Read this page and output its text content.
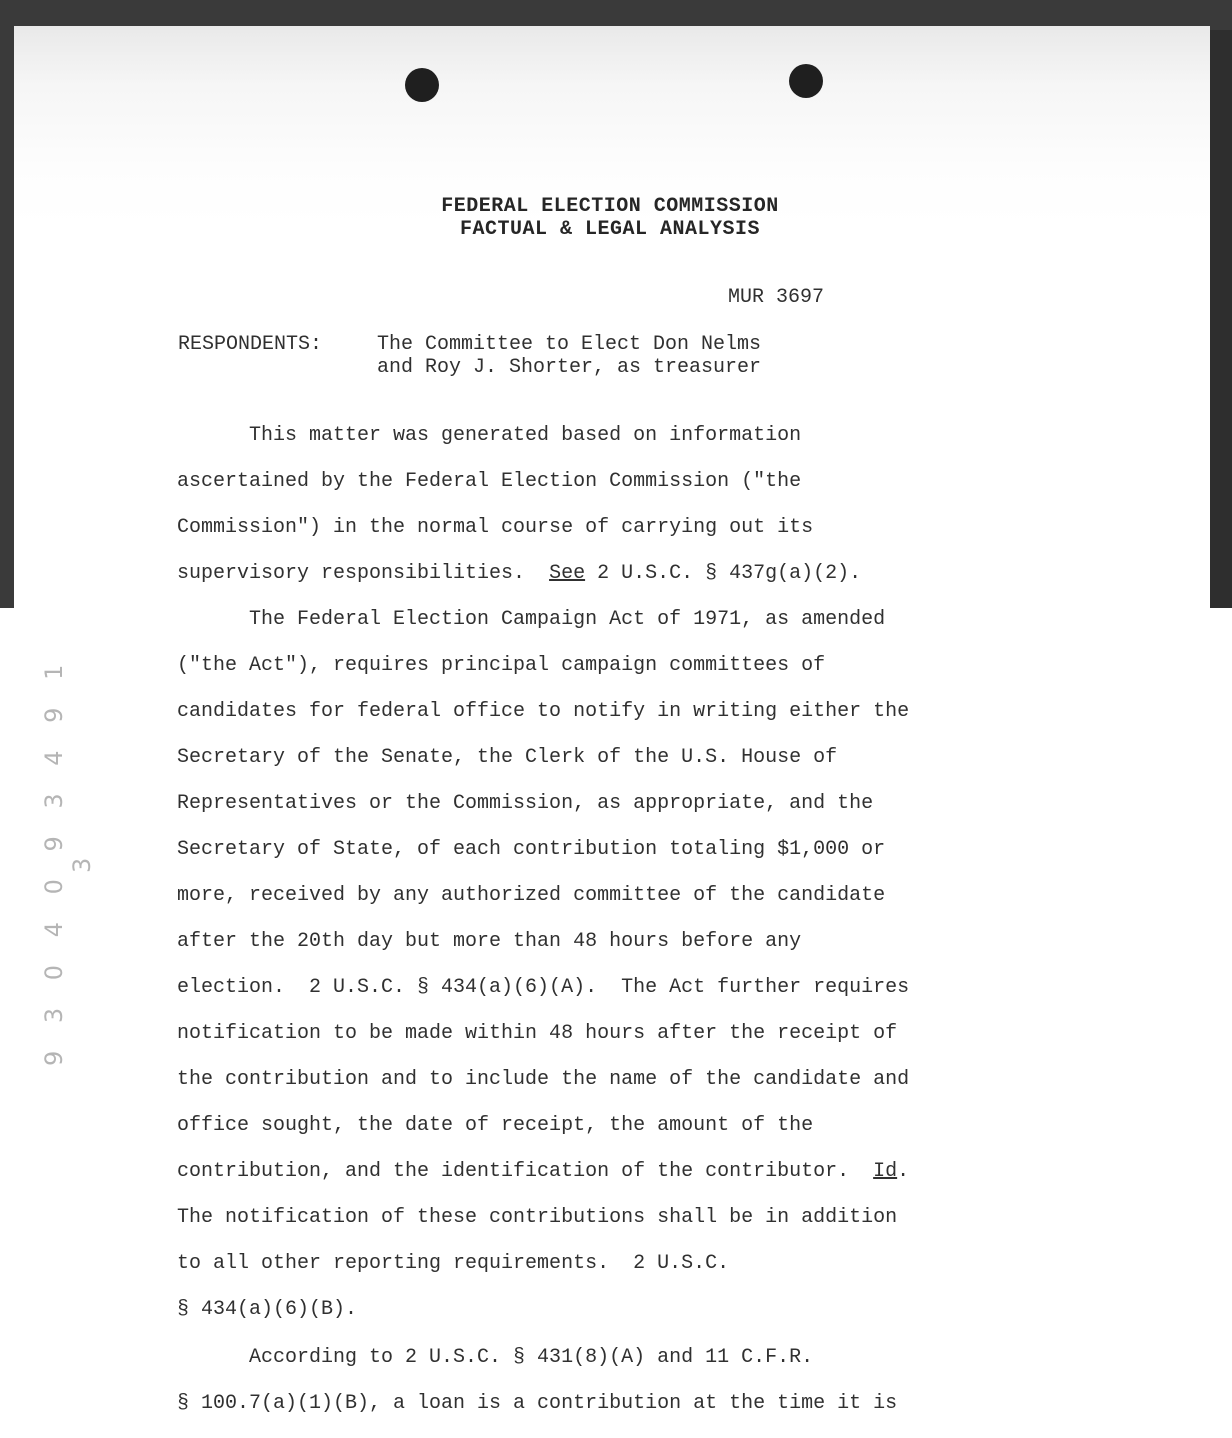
FEDERAL ELECTION COMMISSION
FACTUAL & LEGAL ANALYSIS
MUR 3697
RESPONDENTS:	The Committee to Elect Don Nelms
and Roy J. Shorter, as treasurer
This matter was generated based on information
ascertained by the Federal Election Commission ("the
Commission") in the normal course of carrying out its
supervisory responsibilities.  See 2 U.S.C. § 437g(a)(2).
The Federal Election Campaign Act of 1971, as amended
("the Act"), requires principal campaign committees of
candidates for federal office to notify in writing either the
Secretary of the Senate, the Clerk of the U.S. House of
Representatives or the Commission, as appropriate, and the
Secretary of State, of each contribution totaling $1,000 or
more, received by any authorized committee of the candidate
after the 20th day but more than 48 hours before any
election.  2 U.S.C. § 434(a)(6)(A).  The Act further requires
notification to be made within 48 hours after the receipt of
the contribution and to include the name of the candidate and
office sought, the date of receipt, the amount of the
contribution, and the identification of the contributor.  Id.
The notification of these contributions shall be in addition
to all other reporting requirements.  2 U.S.C.
§ 434(a)(6)(B).
According to 2 U.S.C. § 431(8)(A) and 11 C.F.R.
§ 100.7(a)(1)(B), a loan is a contribution at the time it is
9 3 0 4 0 9 3 4 9 1 3
